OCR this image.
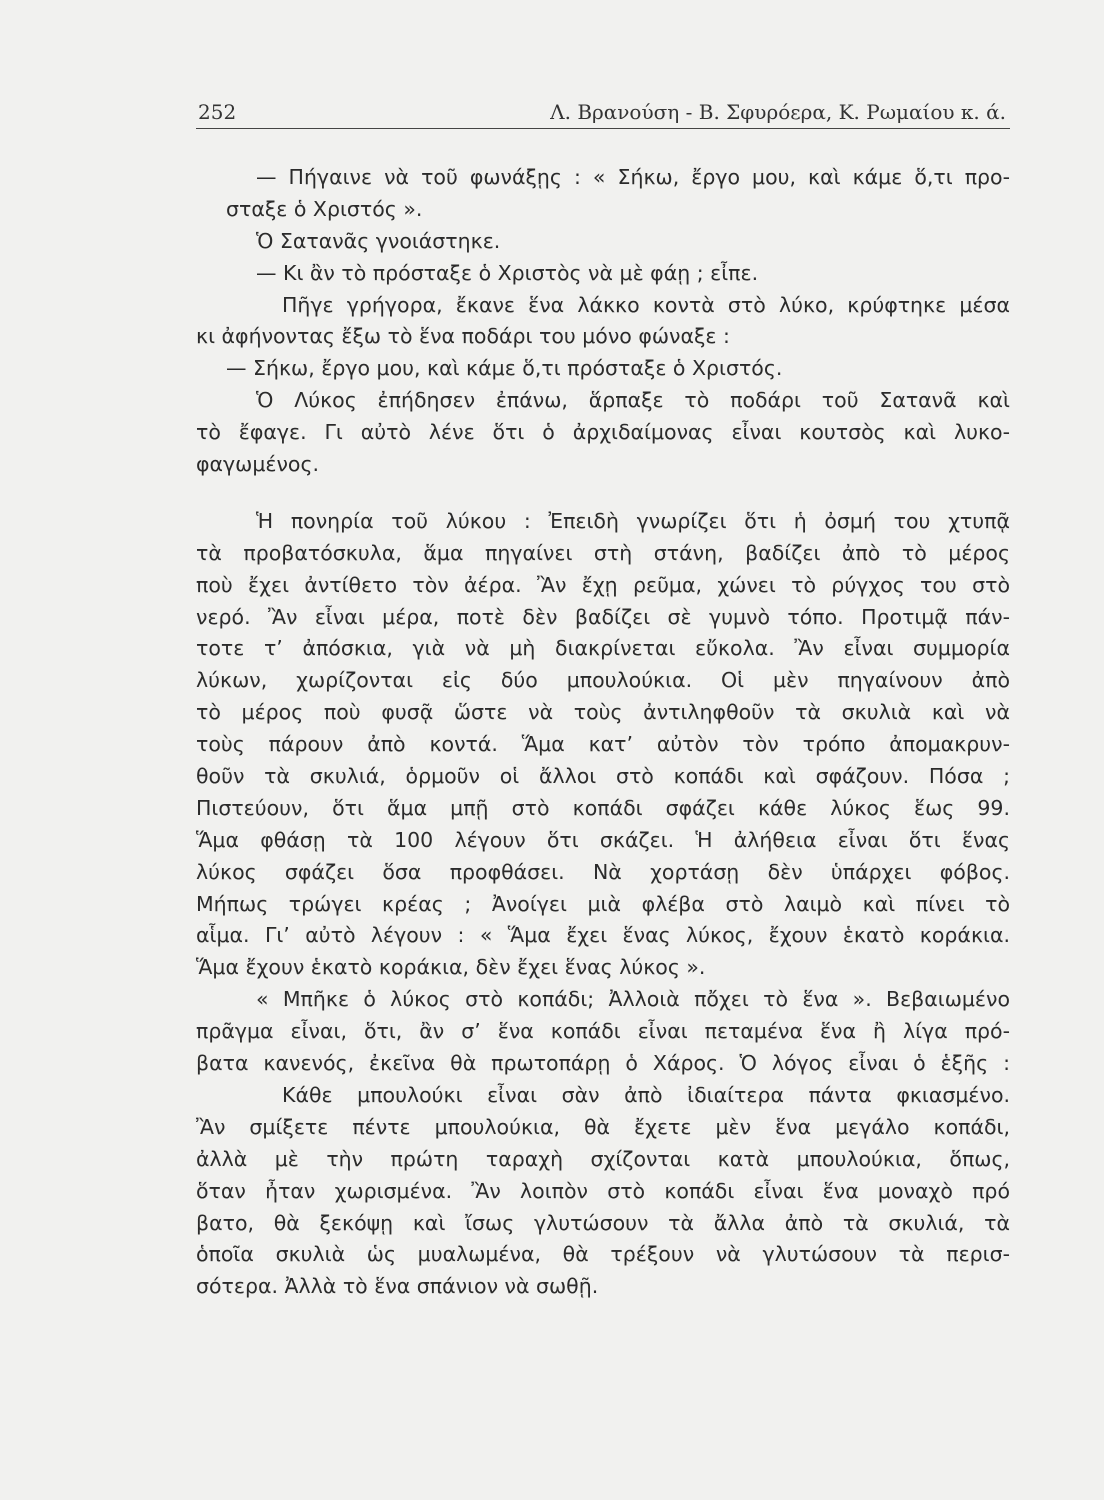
252	Λ. Βρανούση - Β. Σφυρόερα, Κ. Ρωμαίου κ. ά.
— Πήγαινε νὰ τοῦ φωνάξῃς : « Σήκω, ἔργο μου, καὶ κάμε ὅ,τι προ-
σταξε ὁ Χριστός ».
Ὁ Σατανᾶς γνοιάστηκε.
— Κι ἂν τὸ πρόσταξε ὁ Χριστὸς νὰ μὲ φάῃ ; εἶπε.
Πῆγε γρήγορα, ἔκανε ἕνα λάκκο κοντὰ στὸ λύκο, κρύφτηκε μέσα
κι ἀφήνοντας ἔξω τὸ ἕνα ποδάρι του μόνο φώναξε :
— Σήκω, ἔργο μου, καὶ κάμε ὅ,τι πρόσταξε ὁ Χριστός.
Ὁ Λύκος ἐπήδησεν ἐπάνω, ἅρπαξε τὸ ποδάρι τοῦ Σατανᾶ καὶ
τὸ ἔφαγε. Γι αὐτὸ λένε ὅτι ὁ ἀρχιδαίμονας εἶναι κουτσὸς καὶ λυκο-
φαγωμένος.
Ἡ πονηρία τοῦ λύκου : Ἐπειδὴ γνωρίζει ὅτι ἡ ὀσμή του χτυπᾷ
τὰ προβατόσκυλα, ἅμα πηγαίνει στὴ στάνη, βαδίζει ἀπὸ τὸ μέρος
ποὺ ἔχει ἀντίθετο τὸν ἀέρα. Ἂν ἔχῃ ρεῦμα, χώνει τὸ ρύγχος του στὸ
νερό. Ἂν εἶναι μέρα, ποτὲ δὲν βαδίζει σὲ γυμνὸ τόπο. Προτιμᾷ πάν-
τοτε τ’ ἀπόσκια, γιὰ νὰ μὴ διακρίνεται εὔκολα. Ἂν εἶναι συμμορία
λύκων, χωρίζονται εἰς δύο μπουλούκια. Οἱ μὲν πηγαίνουν ἀπὸ
τὸ μέρος ποὺ φυσᾷ ὥστε νὰ τοὺς ἀντιληφθοῦν τὰ σκυλιὰ καὶ νὰ
τοὺς πάρουν ἀπὸ κοντά. Ἅμα κατ’ αὐτὸν τὸν τρόπο ἀπομακρυν-
θοῦν τὰ σκυλιά, ὁρμοῦν οἱ ἄλλοι στὸ κοπάδι καὶ σφάζουν. Πόσα ;
Πιστεύουν, ὅτι ἅμα μπῇ στὸ κοπάδι σφάζει κάθε λύκος ἕως 99.
Ἅμα φθάσῃ τὰ 100 λέγουν ὅτι σκάζει. Ἡ ἀλήθεια εἶναι ὅτι ἕνας
λύκος σφάζει ὅσα προφθάσει. Νὰ χορτάσῃ δὲν ὑπάρχει φόβος.
Μήπως τρώγει κρέας ; Ἀνοίγει μιὰ φλέβα στὸ λαιμὸ καὶ πίνει τὸ
αἷμα. Γι’ αὐτὸ λέγουν : « Ἅμα ἔχει ἕνας λύκος, ἔχουν ἑκατὸ κοράκια.
Ἅμα ἔχουν ἑκατὸ κοράκια, δὲν ἔχει ἕνας λύκος ».
« Μπῆκε ὁ λύκος στὸ κοπάδι; Ἀλλοιὰ πὄχει τὸ ἕνα ». Βεβαιωμένο
πρᾶγμα εἶναι, ὅτι, ἂν σ’ ἕνα κοπάδι εἶναι πεταμένα ἕνα ἢ λίγα πρό-
βατα κανενός, ἐκεῖνα θὰ πρωτοπάρῃ ὁ Χάρος. Ὁ λόγος εἶναι ὁ ἑξῆς :
Κάθε μπουλούκι εἶναι σὰν ἀπὸ ἰδιαίτερα πάντα φκιασμένο.
Ἂν σμίξετε πέντε μπουλούκια, θὰ ἔχετε μὲν ἕνα μεγάλο κοπάδι,
ἀλλὰ μὲ τὴν πρώτη ταραχὴ σχίζονται κατὰ μπουλούκια, ὅπως,
ὅταν ἦταν χωρισμένα. Ἂν λοιπὸν στὸ κοπάδι εἶναι ἕνα μοναχὸ πρό
βατο, θὰ ξεκόψῃ καὶ ἴσως γλυτώσουν τὰ ἄλλα ἀπὸ τὰ σκυλιά, τὰ
ὁποῖα σκυλιὰ ὡς μυαλωμένα, θὰ τρέξουν νὰ γλυτώσουν τὰ περισ-
σότερα. Ἀλλὰ τὸ ἕνα σπάνιον νὰ σωθῇ.
